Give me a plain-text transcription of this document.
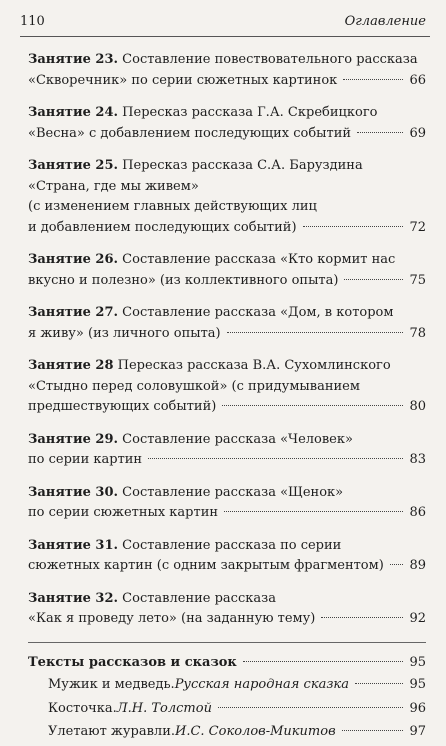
110	Оглавление
Занятие 23. Составление повествовательного рассказа
«Скворечник» по серии сюжетных картинок	66
Занятие 24. Пересказ рассказа Г.А. Скребицкого
«Весна» с добавлением последующих событий	69
Занятие 25. Пересказ рассказа С.А. Баруздина
«Страна, где мы живем»
(с изменением главных действующих лиц
и добавлением последующих событий)	72
Занятие 26. Составление рассказа «Кто кормит нас
вкусно и полезно» (из коллективного опыта)	75
Занятие 27. Составление рассказа «Дом, в котором
я живу» (из личного опыта)	78
Занятие 28 Пересказ рассказа В.А. Сухомлинского
«Стыдно перед соловушкой» (с придумыванием
предшествующих событий)	80
Занятие 29. Составление рассказа «Человек»
по серии картин	83
Занятие 30. Составление рассказа «Щенок»
по серии сюжетных картин	86
Занятие 31. Составление рассказа по серии
сюжетных картин (с одним закрытым фрагментом) 89
Занятие 32. Составление рассказа
«Как я проведу лето» (на заданную тему)	92
Тексты рассказов и сказок	95
Мужик и медведь. Русская народная сказка	95
Косточка. Л.Н. Толстой	96
Улетают журавли. И.С. Соколов-Микитов	97
